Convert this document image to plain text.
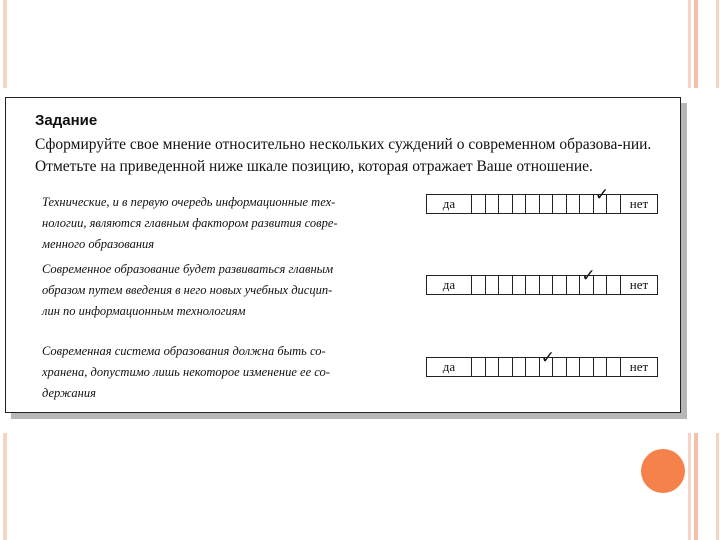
Задание
Сформируйте свое мнение относительно нескольких суждений о современном образова-нии. Отметьте на приведенной ниже шкале позицию, которая отражает Ваше отношение.
Технические, и в первую очередь информационные тех-
нологии, являются главным фактором развития совре-
менного образования
да	✓	нет
Современное образование будет развиваться главным
образом путем введения в него новых учебных дисцип-
лин по информационным технологиям
да	✓	нет
Современная система образования должна быть со-
хранена, допустимо лишь некоторое изменение ее со-
держания
да	✓	нет
